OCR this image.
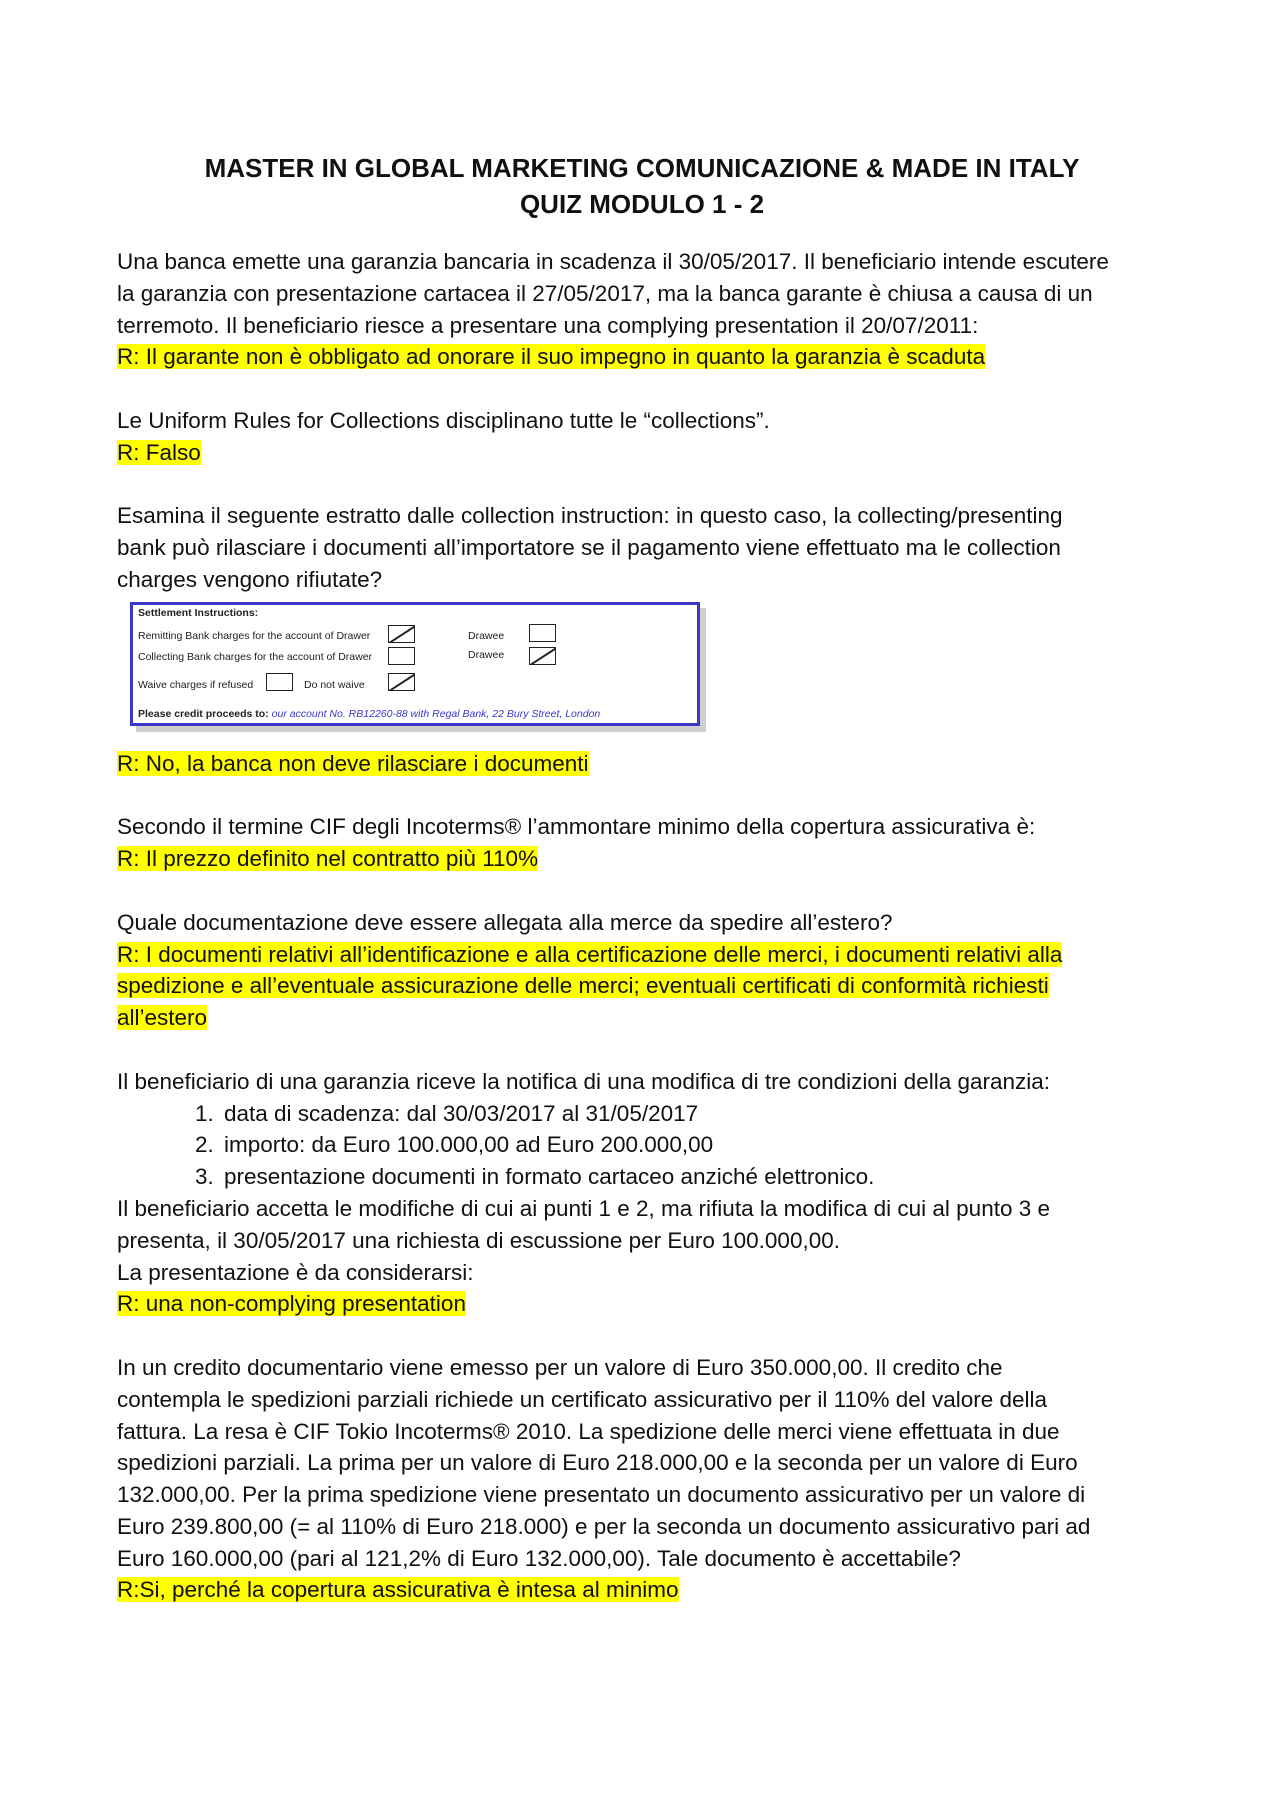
MASTER IN GLOBAL MARKETING COMUNICAZIONE & MADE IN ITALY

QUIZ MODULO 1 - 2

Una banca emette una garanzia bancaria in scadenza il 30/05/2017. Il beneficiario intende escutere

la garanzia con presentazione cartacea il 27/05/2017, ma la banca garante è chiusa a causa di un

terremoto. Il beneficiario riesce a presentare una complying presentation il 20/07/2011:

R: Il garante non è obbligato ad onorare il suo impegno in quanto la garanzia è scaduta

Le Uniform Rules for Collections disciplinano tutte le “collections”.

R: Falso

Esamina il seguente estratto dalle collection instruction: in questo caso, la collecting/presenting

bank può rilasciare i documenti all’importatore se il pagamento viene effettuato ma le collection

charges vengono rifiutate?

Settlement Instructions:
Remitting Bank charges for the account of Drawer	Drawee
Collecting Bank charges for the account of Drawer	Drawee
Waive charges if refused	Do not waive
Please credit proceeds to: our account No. RB12260-88 with Regal Bank, 22 Bury Street, London

R: No, la banca non deve rilasciare i documenti

Secondo il termine CIF degli Incoterms® l’ammontare minimo della copertura assicurativa è:

R: Il prezzo definito nel contratto più 110%

Quale documentazione deve essere allegata alla merce da spedire all’estero?

R: I documenti relativi all’identificazione e alla certificazione delle merci, i documenti relativi alla

spedizione e all’eventuale assicurazione delle merci; eventuali certificati di conformità richiesti

all’estero

Il beneficiario di una garanzia riceve la notifica di una modifica di tre condizioni della garanzia:

1. data di scadenza: dal 30/03/2017 al 31/05/2017
2. importo: da Euro 100.000,00 ad Euro 200.000,00
3. presentazione documenti in formato cartaceo anziché elettronico.

Il beneficiario accetta le modifiche di cui ai punti 1 e 2, ma rifiuta la modifica di cui al punto 3 e

presenta, il 30/05/2017 una richiesta di escussione per Euro 100.000,00.

La presentazione è da considerarsi:

R: una non-complying presentation

In un credito documentario viene emesso per un valore di Euro 350.000,00. Il credito che

contempla le spedizioni parziali richiede un certificato assicurativo per il 110% del valore della

fattura. La resa è CIF Tokio Incoterms® 2010. La spedizione delle merci viene effettuata in due

spedizioni parziali. La prima per un valore di Euro 218.000,00 e la seconda per un valore di Euro

132.000,00. Per la prima spedizione viene presentato un documento assicurativo per un valore di

Euro 239.800,00 (= al 110% di Euro 218.000) e per la seconda un documento assicurativo pari ad

Euro 160.000,00 (pari al 121,2% di Euro 132.000,00). Tale documento è accettabile?

R:Si, perché la copertura assicurativa è intesa al minimo
